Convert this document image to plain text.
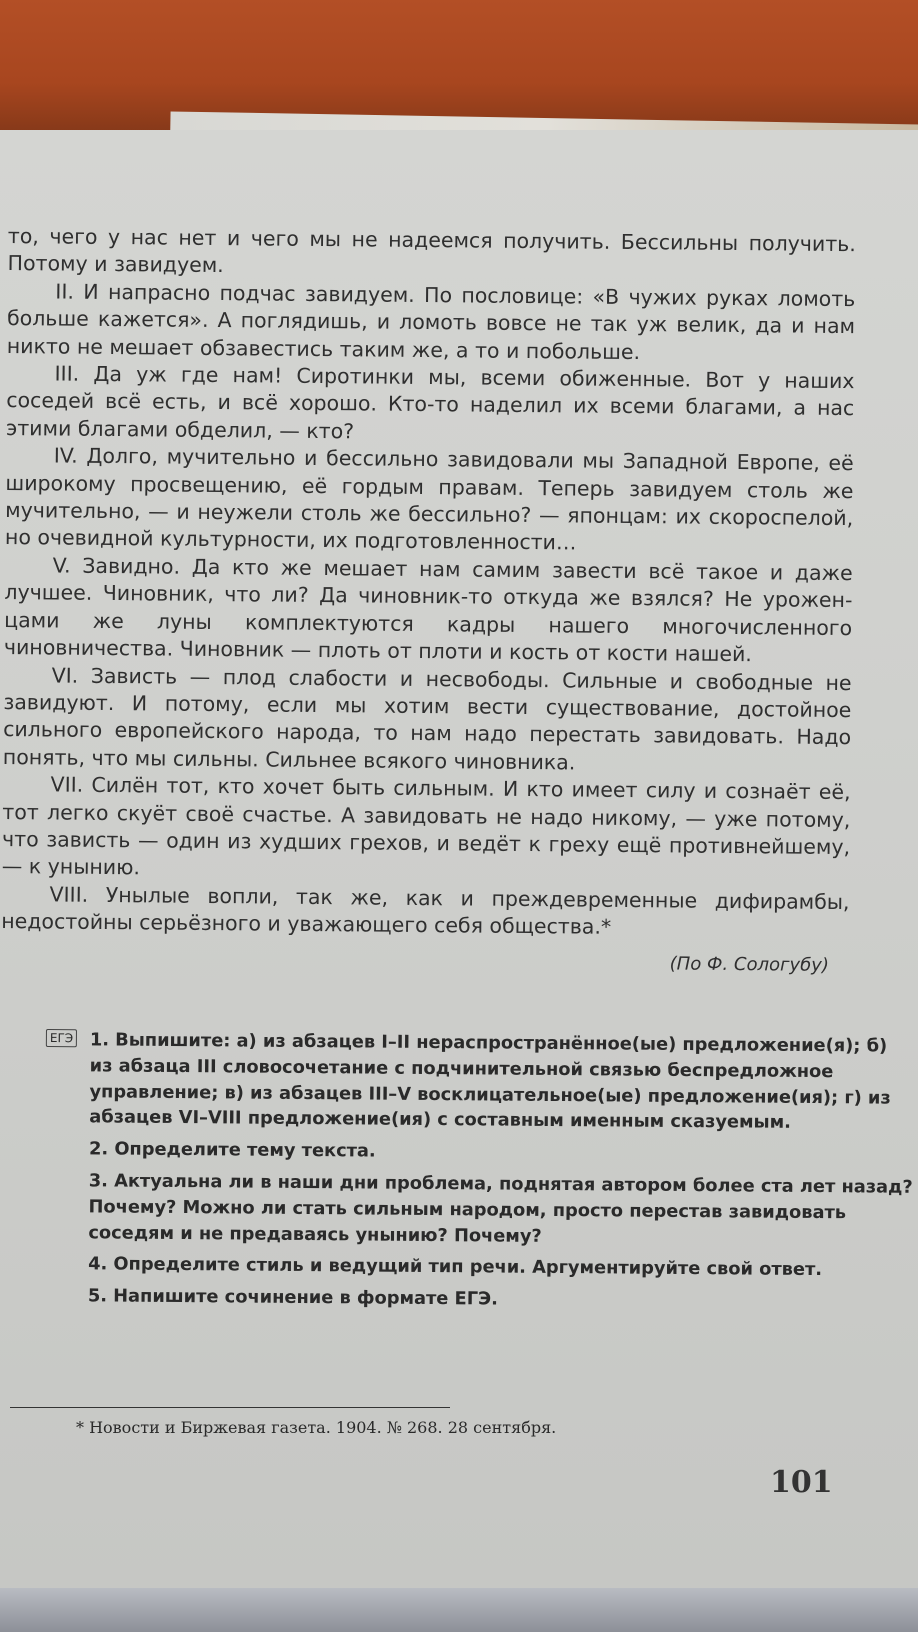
то, чего у нас нет и чего мы не надеемся получить. Бессильны получить. Потому и завидуем.

II. И напрасно подчас завидуем. По пословице: «В чужих руках ломоть больше кажется». А поглядишь, и ломоть вовсе не так уж велик, да и нам никто не мешает обзавестись таким же, а то и побольше.

III. Да уж где нам! Сиротинки мы, всеми обиженные. Вот у наших соседей всё есть, и всё хорошо. Кто-то наделил их всеми благами, а нас этими благами обделил, — кто?

IV. Долго, мучительно и бессильно завидовали мы Западной Европе, её широкому просвещению, её гордым правам. Теперь завидуем столь же мучительно, — и неужели столь же бессильно? — японцам: их скороспелой, но очевидной культурности, их подготовленности…

V. Завидно. Да кто же мешает нам самим завести всё такое и даже лучшее. Чиновник, что ли? Да чиновник-то откуда же взялся? Не уроженцами же луны комплектуются кадры нашего многочисленного чиновничества. Чиновник — плоть от плоти и кость от кости нашей.

VI. Зависть — плод слабости и несвободы. Сильные и свободные не завидуют. И потому, если мы хотим вести существование, достойное сильного европейского народа, то нам надо перестать завидовать. Надо понять, что мы сильны. Сильнее всякого чиновника.

VII. Силён тот, кто хочет быть сильным. И кто имеет силу и сознаёт её, тот легко скуёт своё счастье. А завидовать не надо никому, — уже потому, что зависть — один из худших грехов, и ведёт к греху ещё противнейшему, — к унынию.

VIII. Унылые вопли, так же, как и преждевременные дифирамбы, недостойны серьёзного и уважающего себя общества.*

(По Ф. Сологубу)

ЕГЭ 1. Выпишите: а) из абзацев I–II нераспространённое(ые) предложение(я); б) из абзаца III словосочетание с подчинительной связью беспредложное управление; в) из абзацев III–V восклицательное(ые) предложение(ия); г) из абзацев VI–VIII предложение(ия) с составным именным сказуемым.

2. Определите тему текста.

3. Актуальна ли в наши дни проблема, поднятая автором более ста лет назад? Почему? Можно ли стать сильным народом, просто перестав завидовать соседям и не предаваясь унынию? Почему?

4. Определите стиль и ведущий тип речи. Аргументируйте свой ответ.

5. Напишите сочинение в формате ЕГЭ.

* Новости и Биржевая газета. 1904. № 268. 28 сентября.
101
